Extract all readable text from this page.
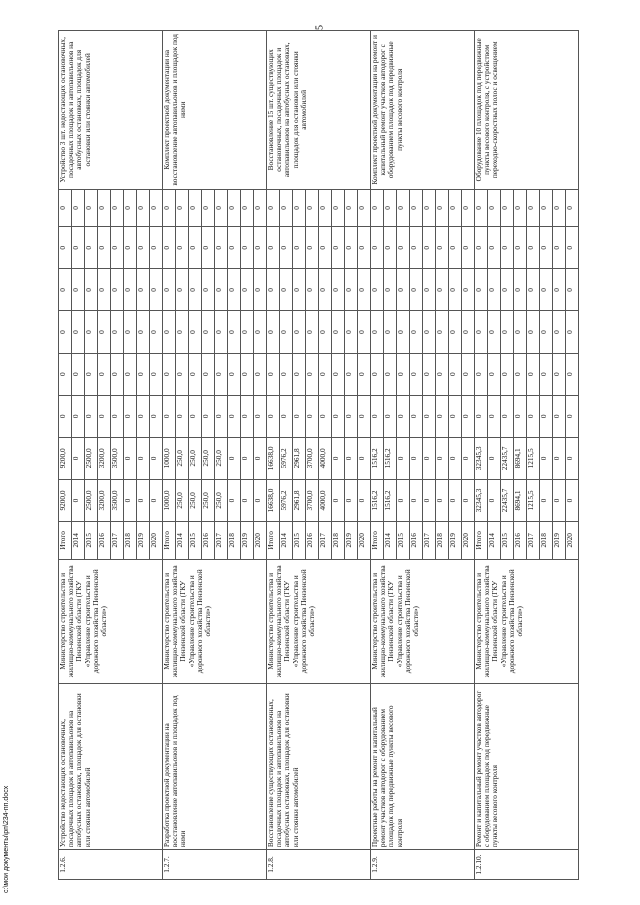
5
c:\мои документы\рп\234-пп.docx	1.2.6.	Устройство недостающих остановочных, посадочных площадок и автопавильонов на автобусных остановках, площадок для остановки или стоянки автомобилей	Министерство строительства и жилищно-коммунального хозяйства Пензенской области (ГКУ «Управление строительства и дорожного хозяйства Пензенской области»)	Итого	9200,0	9200,0	0	0	0	0	0	0	Устройство 3 шт. недостающих остановочных, посадочных площадок и автопавильонов на автобусных остановках, площадок для остановки или стоянки автомобилей
			2014	0	0	0	0	0	0	0	0	
			2015	2500,0	2500,0	0	0	0	0	0	0	
			2016	3200,0	3200,0	0	0	0	0	0	0	
			2017	3500,0	3500,0	0	0	0	0	0	0	
			2018	0	0	0	0	0	0	0	0	
			2019	0	0	0	0	0	0	0	0	
			2020	0	0	0	0	0	0	0	0	
1.2.7.	Разработка проектной документации на восстановление автопавильонов и площадок под ними	Министерство строительства и жилищно-коммунального хозяйства Пензенской области (ГКУ «Управление строительства и дорожного хозяйства Пензенской области»)	Итого	1000,0	1000,0	0	0	0	0	0	0	Комплект проектной документации на восстановление автопавильонов и площадок под ними
			2014	250,0	250,0	0	0	0	0	0	0	
			2015	250,0	250,0	0	0	0	0	0	0	
			2016	250,0	250,0	0	0	0	0	0	0	
			2017	250,0	250,0	0	0	0	0	0	0	
			2018	0	0	0	0	0	0	0	0	
			2019	0	0	0	0	0	0	0	0	
			2020	0	0	0	0	0	0	0	0	
1.2.8.	Восстановление существующих остановочных, посадочных площадок и автопавильонов на автобусных остановках, площадок для остановки или стоянки автомобилей	Министерство строительства и жилищно-коммунального хозяйства Пензенской области (ГКУ «Управление строительства и дорожного хозяйства Пензенской области»)	Итого	16638,0	16638,0	0	0	0	0	0	0	Восстановление 15 шт. существующих остановочных, посадочных площадок и автопавильонов на автобусных остановках, площадок для остановки или стоянки автомобилей
			2014	5976,2	5976,2	0	0	0	0	0	0	
			2015	2961,8	2961,8	0	0	0	0	0	0	
			2016	3700,0	3700,0	0	0	0	0	0	0	
			2017	4000,0	4000,0	0	0	0	0	0	0	
			2018	0	0	0	0	0	0	0	0	
			2019	0	0	0	0	0	0	0	0	
			2020	0	0	0	0	0	0	0	0	
1.2.9.	Проектные работы на ремонт и капитальный ремонт участков автодорог с оборудованием площадок под передвижные пункты весового контроля	Министерство строительства и жилищно-коммунального хозяйства Пензенской области (ГКУ «Управление строительства и дорожного хозяйства Пензенской области»)	Итого	1516,2	1516,2	0	0	0	0	0	0	Комплект проектной документации на ремонт и капитальный ремонт участков автодорог с оборудованием площадок под передвижные пункты весового контроля
			2014	1516,2	1516,2	0	0	0	0	0	0	
			2015	0	0	0	0	0	0	0	0	
			2016	0	0	0	0	0	0	0	0	
			2017	0	0	0	0	0	0	0	0	
			2018	0	0	0	0	0	0	0	0	
			2019	0	0	0	0	0	0	0	0	
			2020	0	0	0	0	0	0	0	0	
1.2.10.	Ремонт и капитальный ремонт участков автодорог с оборудованием площадок под передвижные пункты весового контроля	Министерство строительства и жилищно-коммунального хозяйства Пензенской области (ГКУ «Управление строительства и дорожного хозяйства Пензенской области»)	Итого	32345,3	32345,3	0	0	0	0	0	0	Оборудование 10 площадок под передвижные пункты весового контроля, с устройством переходно-скоростных полос и освещением
			2014	0	0	0	0	0	0	0	0	
			2015	22435,7	22435,7	0	0	0	0	0	0	
			2016	8694,1	8694,1	0	0	0	0	0	0	
			2017	1215,5	1215,5	0	0	0	0	0	0	
			2018	0	0	0	0	0	0	0	0	
			2019	0	0	0	0	0	0	0	0	
			2020	0	0	0	0	0	0	0	0	
